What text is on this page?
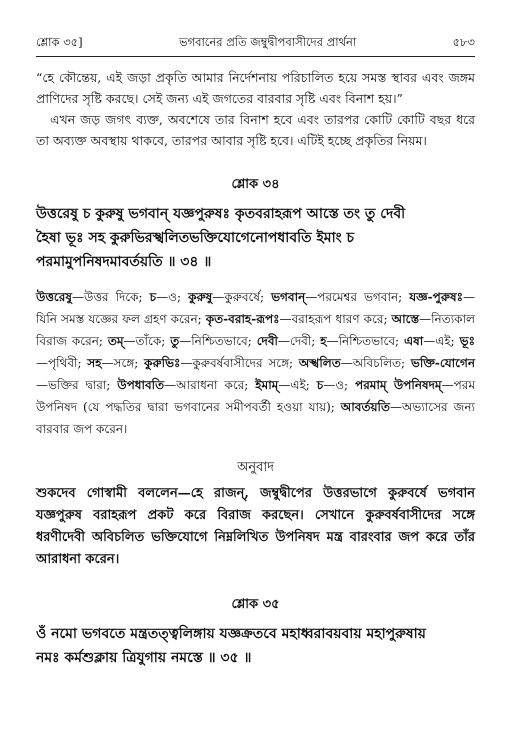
শ্লোক ৩৫]	ভগবানের প্রতি জম্বুদ্বীপবাসীদের প্রার্থনা	৫৮৩

“হে কৌন্তেয়, এই জড়া প্রকৃতি আমার নির্দেশনায় পরিচালিত হয়ে সমস্ত স্থাবর এবং জঙ্গম প্রাণিদের সৃষ্টি করছে। সেই জন্য এই জগতের বারবার সৃষ্টি এবং বিনাশ হয়।”

এখন জড় জগৎ ব্যক্ত, অবশেষে তার বিনাশ হবে এবং তারপর কোটি কোটি বছর ধরে তা অব্যক্ত অবস্থায় থাকবে, তারপর আবার সৃষ্টি হবে। এটিই হচ্ছে প্রকৃতির নিয়ম।

শ্লোক ৩৪
উত্তরেষু চ কুরুষু ভগবান্ যজ্ঞপুরুষঃ কৃতবরাহরূপ আস্তে তং তু দেবী
হৈষা ভূঃ সহ কুরুভিরস্খলিতভক্তিযোগেনোপধাবতি ইমাং চ
পরমামুপনিষদমাবর্তয়তি ॥ ৩৪ ॥

উত্তরেষু—উত্তর দিকে; চ—ও; কুরুষু—কুরুবর্ষে; ভগবান্—পরমেশ্বর ভগবান; যজ্ঞ-পুরুষঃ—যিনি সমস্ত যজ্ঞের ফল গ্রহণ করেন; কৃত-বরাহ-রূপঃ—বরাহরূপ ধারণ করে; আস্তে—নিত্যকাল বিরাজ করেন; তম্—তাঁকে; তু—নিশ্চিতভাবে; দেবী—দেবী; হ—নিশ্চিতভাবে; এষা—এই; ভূঃ—পৃথিবী; সহ—সঙ্গে; কুরুভিঃ—কুরুবর্ষবাসীদের সঙ্গে; অস্খলিত—অবিচলিত; ভক্তি-যোগেন—ভক্তির দ্বারা; উপধাবতি—আরাধনা করে; ইমাম্—এই; চ—ও; পরমাম্ উপনিষদম্—পরম উপনিষদ (যে পদ্ধতির দ্বারা ভগবানের সমীপবর্তী হওয়া যায়); আবর্তয়তি—অভ্যাসের জন্য বারবার জপ করেন।

অনুবাদ

শুকদেব গোস্বামী বললেন—হে রাজন্, জম্বুদ্বীপের উত্তরভাগে কুরুবর্ষে ভগবান যজ্ঞপুরুষ বরাহরূপ প্রকট করে বিরাজ করছেন। সেখানে কুরুবর্ষবাসীদের সঙ্গে ধরণীদেবী অবিচলিত ভক্তিযোগে নিম্নলিখিত উপনিষদ মন্ত্র বারংবার জপ করে তাঁর আরাধনা করেন।

শ্লোক ৩৫
ওঁ নমো ভগবতে মন্ত্রতত্ত্বলিঙ্গায় যজ্ঞক্রতবে মহাধ্বরাবয়বায় মহাপুরুষায়
নমঃ কর্মশুক্লায় ত্রিযুগায় নমস্তে ॥ ৩৫ ॥
